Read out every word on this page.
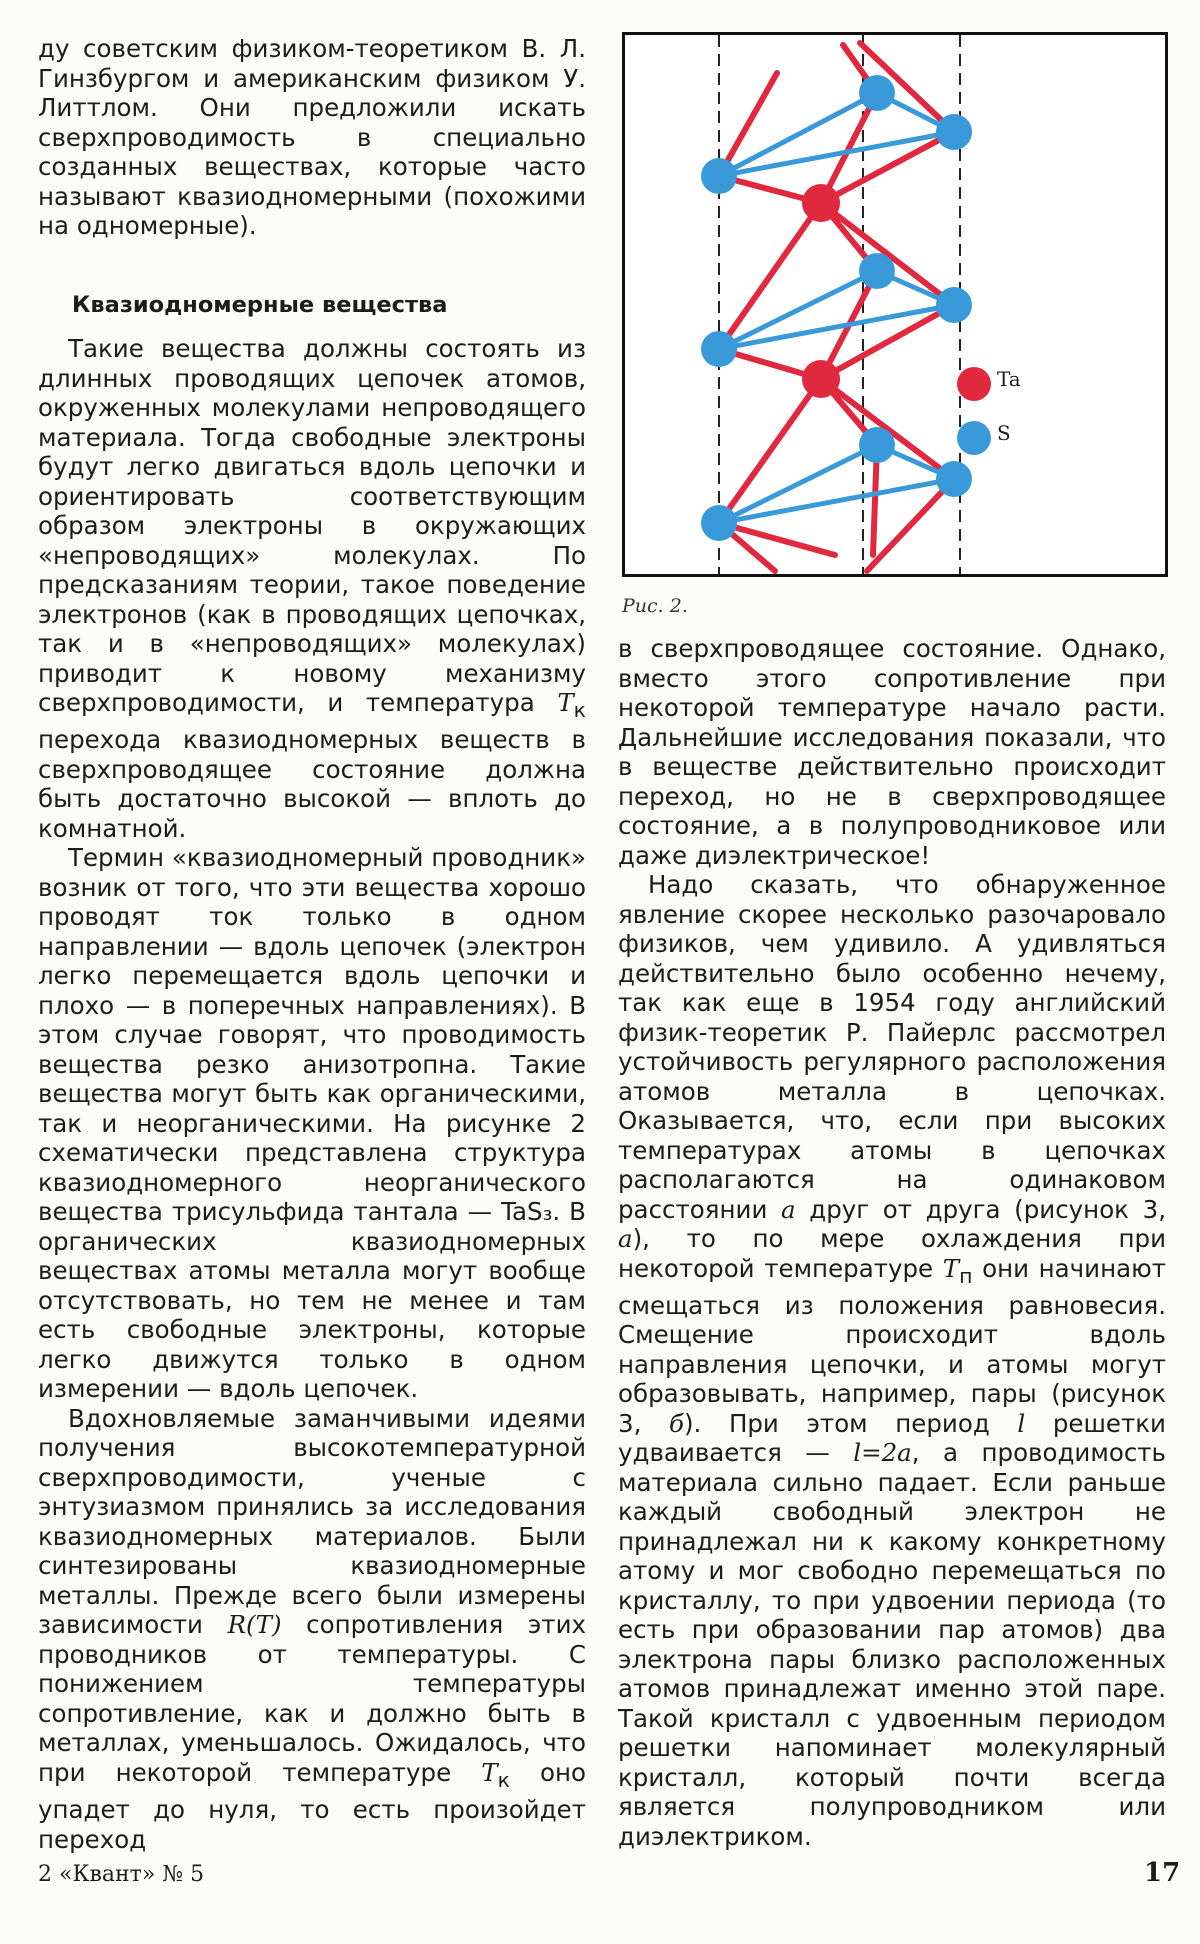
ду советским физиком-теоретиком В. Л. Гинзбургом и американским физиком У. Литтлом. Они предложили искать сверхпроводимость в специально созданных веществах, которые часто называют квазиодномерными (похожими на одномерные).

Квазиодномерные вещества

Такие вещества должны состоять из длинных проводящих цепочек атомов, окруженных молекулами непроводящего материала. Тогда свободные электроны будут легко двигаться вдоль цепочки и ориентировать соответствующим образом электроны в окружающих «непроводящих» молекулах. По предсказаниям теории, такое поведение электронов (как в проводящих цепочках, так и в «непроводящих» молекулах) приводит к новому механизму сверхпроводимости, и температура $T_к$ перехода квазиодномерных веществ в сверхпроводящее состояние должна быть достаточно высокой — вплоть до комнатной.

Термин «квазиодномерный проводник» возник от того, что эти вещества хорошо проводят ток только в одном направлении — вдоль цепочек (электрон легко перемещается вдоль цепочки и плохо — в поперечных направлениях). В этом случае говорят, что проводимость вещества резко анизотропна. Такие вещества могут быть как органическими, так и неорганическими. На рисунке 2 схематически представлена структура квазиодномерного неорганического вещества трисульфида тантала — TaS₃. В органических квазиодномерных веществах атомы металла могут вообще отсутствовать, но тем не менее и там есть свободные электроны, которые легко движутся только в одном измерении — вдоль цепочек.

Вдохновляемые заманчивыми идеями получения высокотемпературной сверхпроводимости, ученые с энтузиазмом принялись за исследования квазиодномерных материалов. Были синтезированы квазиодномерные металлы. Прежде всего были измерены зависимости R(T) сопротивления этих проводников от температуры. С понижением температуры сопротивление, как и должно быть в металлах, уменьшалось. Ожидалось, что при некоторой температуре $T_к$ оно упадет до нуля, то есть произойдет переход

Ta
S
Рис. 2.

в сверхпроводящее состояние. Однако, вместо этого сопротивление при некоторой температуре начало расти. Дальнейшие исследования показали, что в веществе действительно происходит переход, но не в сверхпроводящее состояние, а в полупроводниковое или даже диэлектрическое!

Надо сказать, что обнаруженное явление скорее несколько разочаровало физиков, чем удивило. А удивляться действительно было особенно нечему, так как еще в 1954 году английский физик-теоретик Р. Пайерлс рассмотрел устойчивость регулярного расположения атомов металла в цепочках. Оказывается, что, если при высоких температурах атомы в цепочках располагаются на одинаковом расстоянии a друг от друга (рисунок 3, а), то по мере охлаждения при некоторой температуре $T_п$ они начинают смещаться из положения равновесия. Смещение происходит вдоль направления цепочки, и атомы могут образовывать, например, пары (рисунок 3, б). При этом период l решетки удваивается — l=2a, а проводимость материала сильно падает. Если раньше каждый свободный электрон не принадлежал ни к какому конкретному атому и мог свободно перемещаться по кристаллу, то при удвоении периода (то есть при образовании пар атомов) два электрона пары близко расположенных атомов принадлежат именно этой паре. Такой кристалл с удвоенным периодом решетки напоминает молекулярный кристалл, который почти всегда является полупроводником или диэлектриком.

2 «Квант» № 5	17
